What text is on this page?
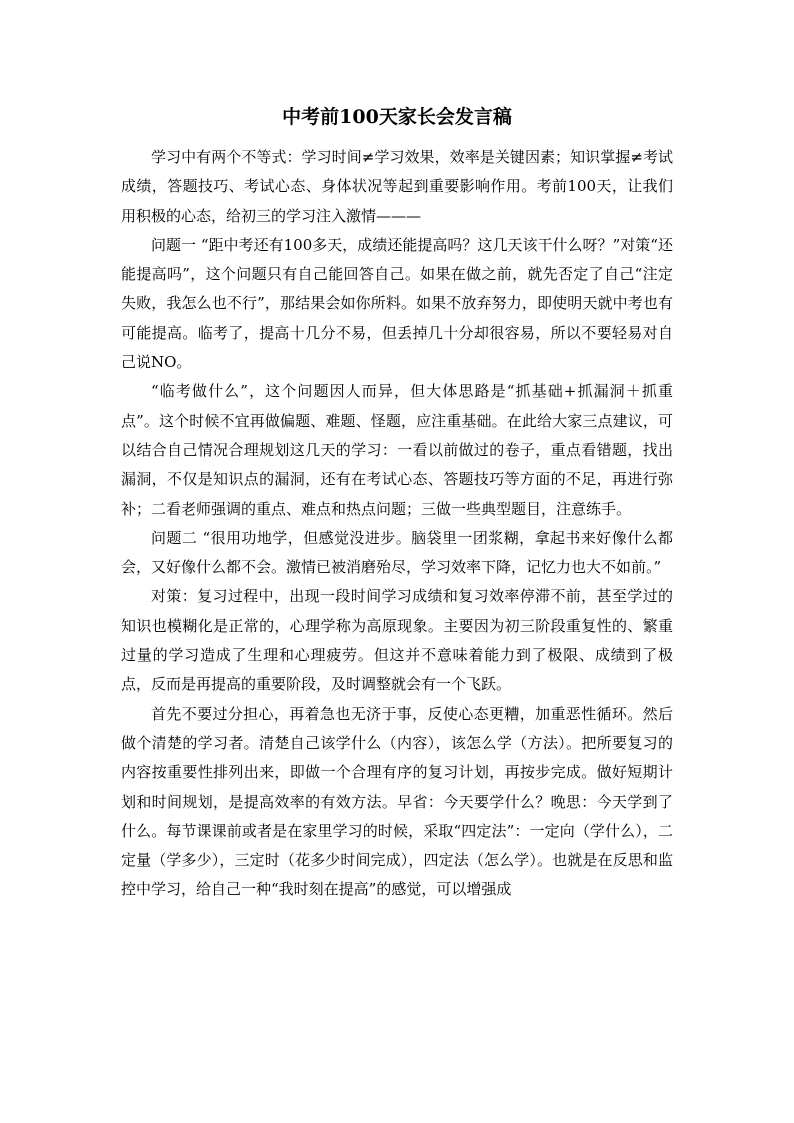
中考前100天家长会发言稿

学习中有两个不等式：学习时间≠学习效果，效率是关键因素；知识掌握≠考试成绩，答题技巧、考试心态、身体状况等起到重要影响作用。考前100天，让我们用积极的心态，给初三的学习注入激情———

问题一 “距中考还有100多天，成绩还能提高吗？这几天该干什么呀？”对策“还能提高吗”，这个问题只有自己能回答自己。如果在做之前，就先否定了自己“注定失败，我怎么也不行”，那结果会如你所料。如果不放弃努力，即使明天就中考也有可能提高。临考了，提高十几分不易，但丢掉几十分却很容易，所以不要轻易对自己说NO。

“临考做什么”，这个问题因人而异，但大体思路是“抓基础+抓漏洞＋抓重点”。这个时候不宜再做偏题、难题、怪题，应注重基础。在此给大家三点建议，可以结合自己情况合理规划这几天的学习：一看以前做过的卷子，重点看错题，找出漏洞，不仅是知识点的漏洞，还有在考试心态、答题技巧等方面的不足，再进行弥补；二看老师强调的重点、难点和热点问题；三做一些典型题目，注意练手。

问题二 “很用功地学，但感觉没进步。脑袋里一团浆糊，拿起书来好像什么都会，又好像什么都不会。激情已被消磨殆尽，学习效率下降，记忆力也大不如前。”

对策：复习过程中，出现一段时间学习成绩和复习效率停滞不前，甚至学过的知识也模糊化是正常的，心理学称为高原现象。主要因为初三阶段重复性的、繁重过量的学习造成了生理和心理疲劳。但这并不意味着能力到了极限、成绩到了极点，反而是再提高的重要阶段，及时调整就会有一个飞跃。

首先不要过分担心，再着急也无济于事，反使心态更糟，加重恶性循环。然后做个清楚的学习者。清楚自己该学什么（内容），该怎么学（方法）。把所要复习的内容按重要性排列出来，即做一个合理有序的复习计划，再按步完成。做好短期计划和时间规划，是提高效率的有效方法。早省：今天要学什么？晚思：今天学到了什么。每节课课前或者是在家里学习的时候，采取“四定法”：一定向（学什么），二定量（学多少），三定时（花多少时间完成），四定法（怎么学）。也就是在反思和监控中学习，给自己一种“我时刻在提高”的感觉，可以增强成
